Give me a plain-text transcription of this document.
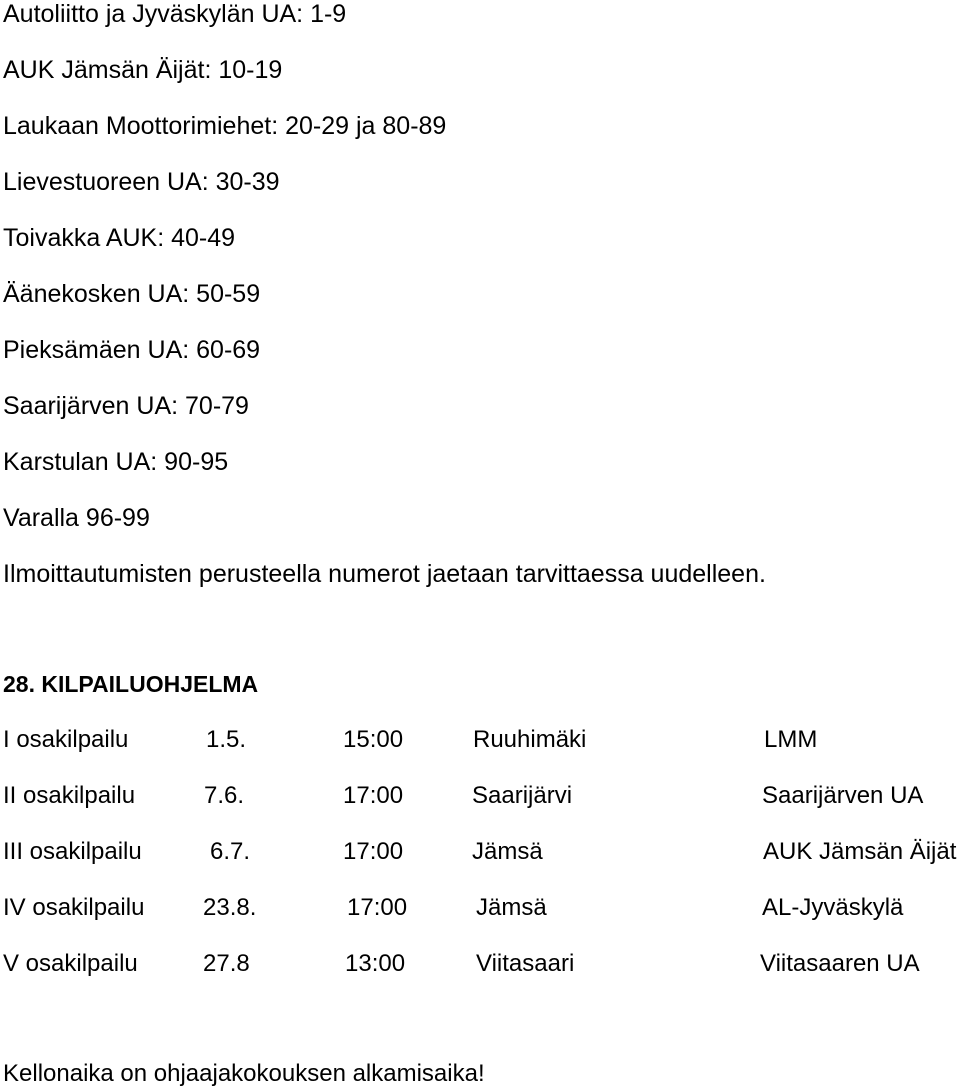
Autoliitto ja Jyväskylän UA: 1-9
AUK Jämsän Äijät: 10-19
Laukaan Moottorimiehet: 20-29 ja 80-89
Lievestuoreen UA: 30-39
Toivakka AUK: 40-49
Äänekosken UA: 50-59
Pieksämäen UA: 60-69
Saarijärven UA: 70-79
Karstulan UA: 90-95
Varalla 96-99
Ilmoittautumisten perusteella numerot jaetaan tarvittaessa uudelleen.
28. KILPAILUOHJELMA
I osakilpailu	1.5.	15:00	Ruuhimäki	LMM
II osakilpailu	7.6.	17:00	Saarijärvi	Saarijärven UA
III osakilpailu	6.7.	17:00	Jämsä	AUK Jämsän Äijät
IV osakilpailu 23.8.	17:00	Jämsä	AL-Jyväskylä
V osakilpailu	27.8	13:00	Viitasaari	Viitasaaren UA
Kellonaika on ohjaajakokouksen alkamisaika!
